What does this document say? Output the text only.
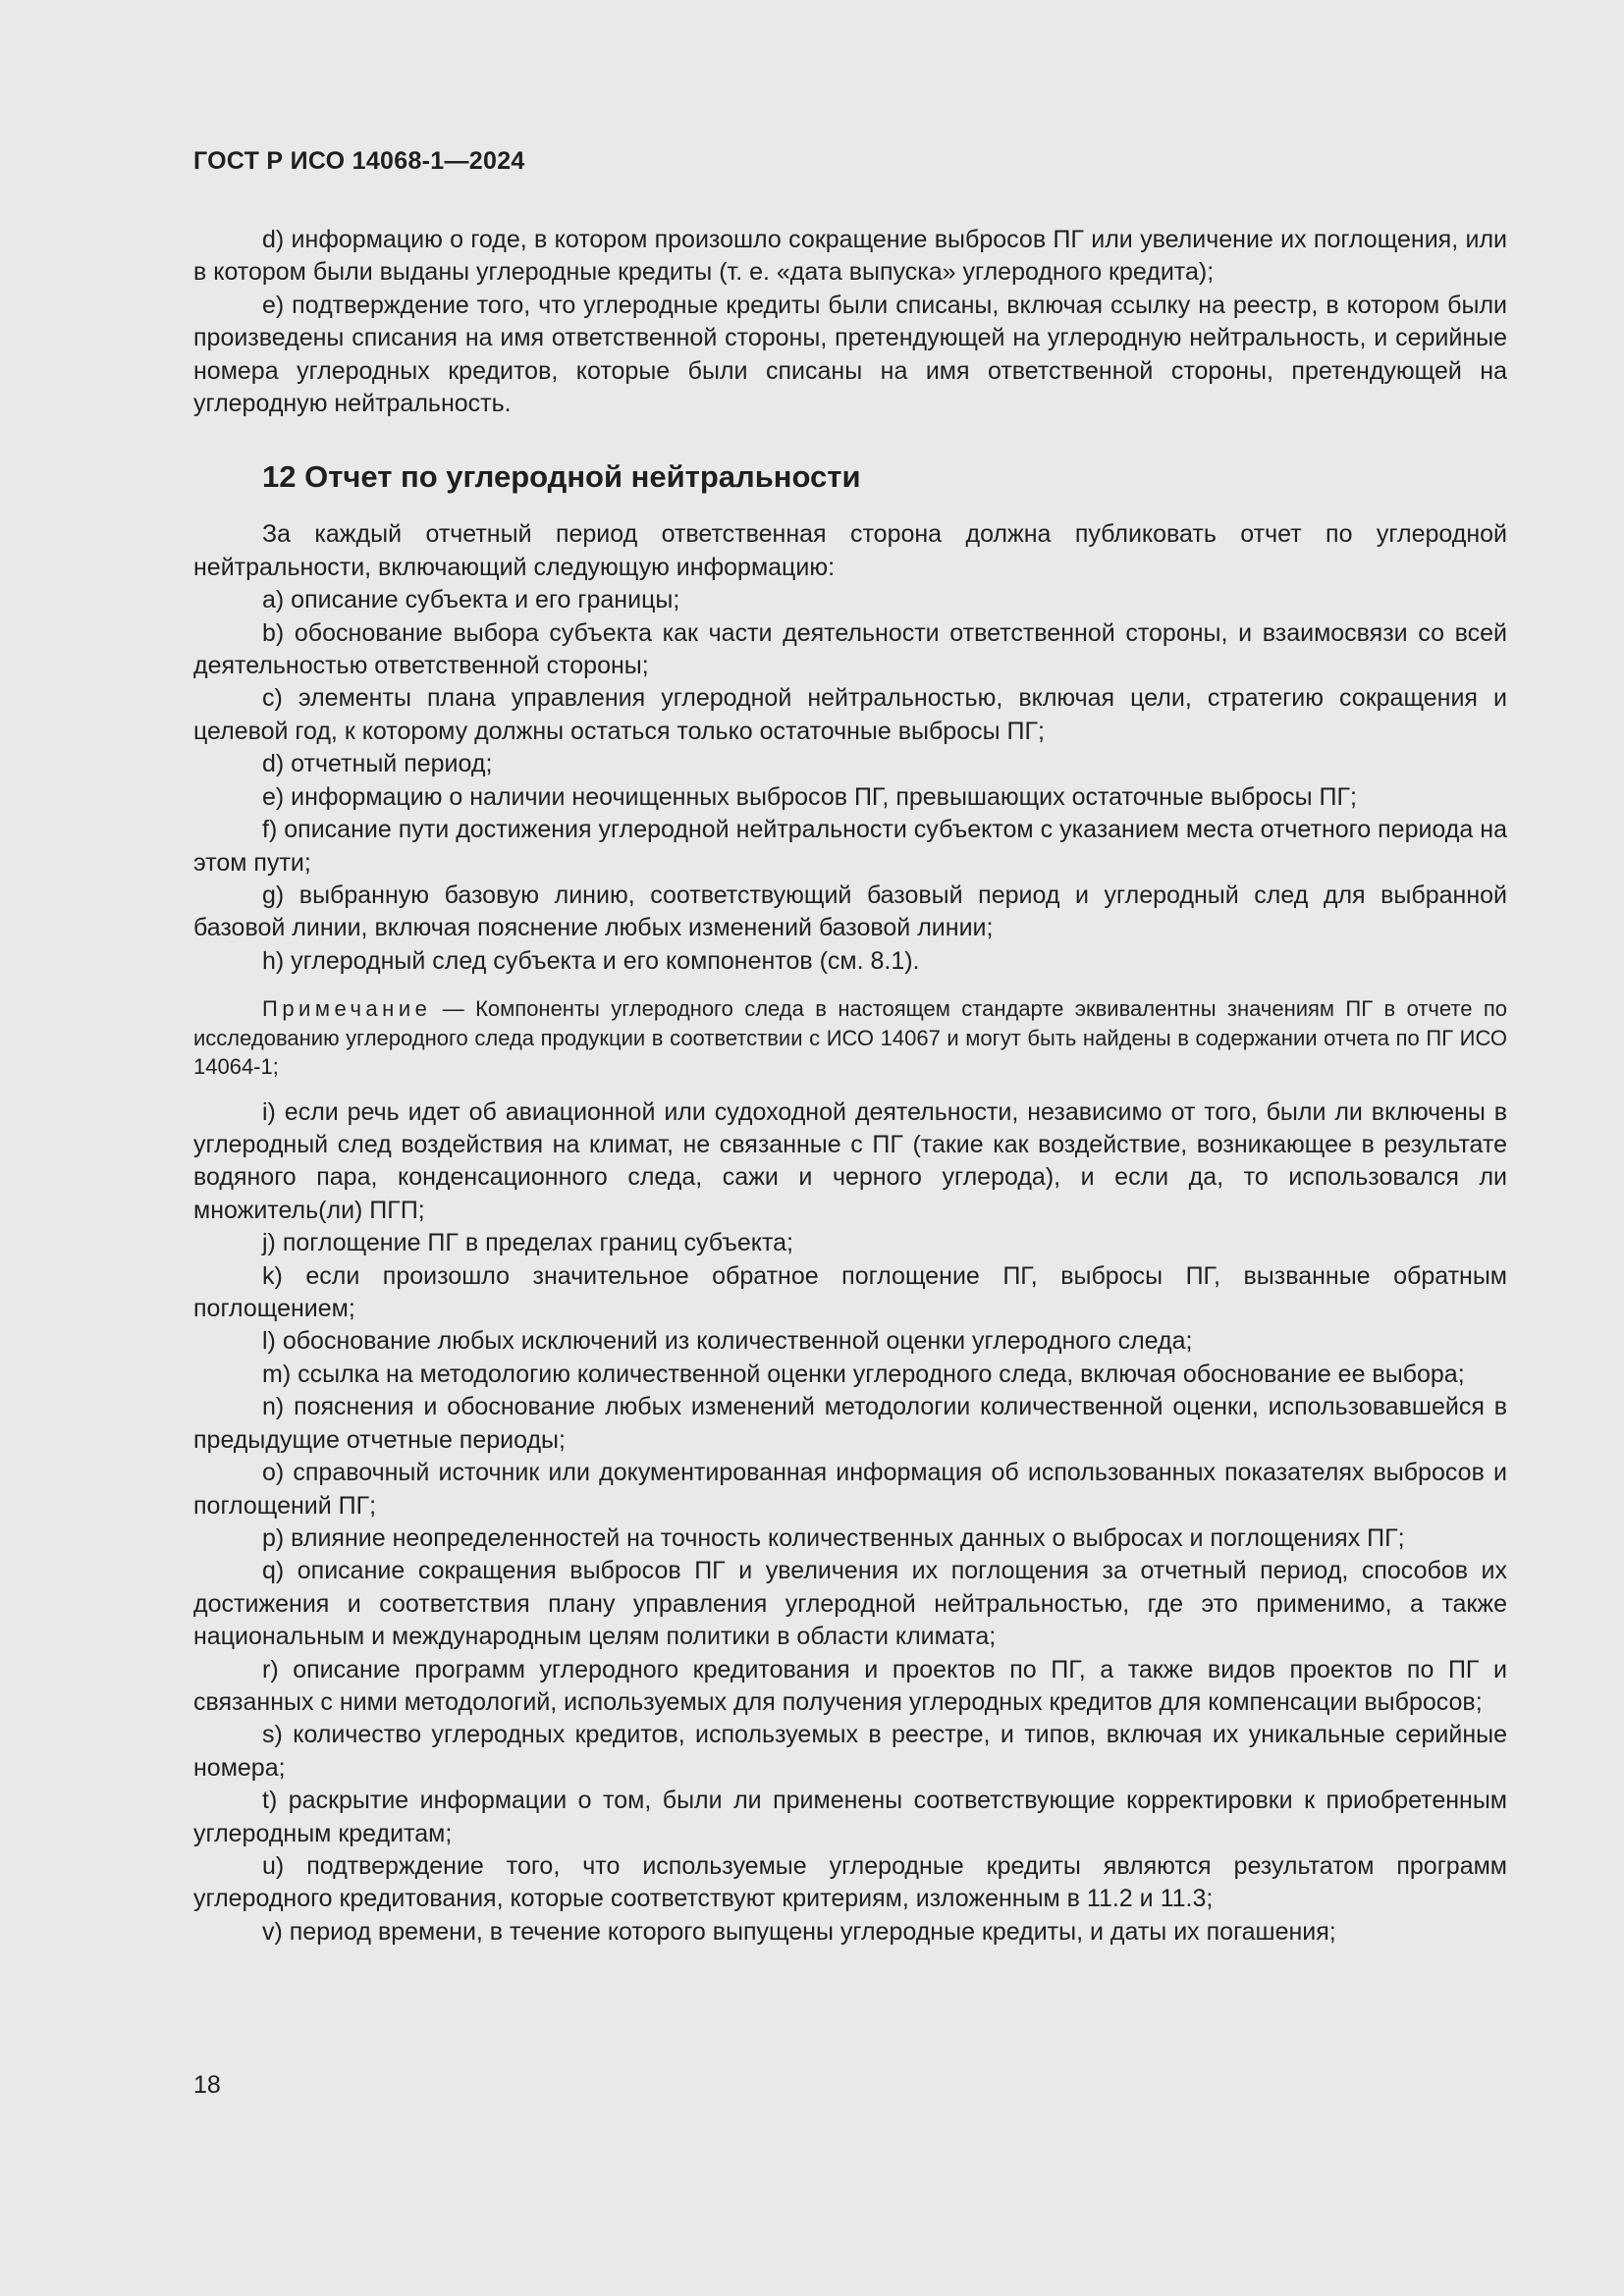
ГОСТ Р ИСО 14068-1—2024

d) информацию о годе, в котором произошло сокращение выбросов ПГ или увеличение их поглощения, или в котором были выданы углеродные кредиты (т. е. «дата выпуска» углеродного кредита);

e) подтверждение того, что углеродные кредиты были списаны, включая ссылку на реестр, в котором были произведены списания на имя ответственной стороны, претендующей на углеродную нейтральность, и серийные номера углеродных кредитов, которые были списаны на имя ответственной стороны, претендующей на углеродную нейтральность.

12 Отчет по углеродной нейтральности

За каждый отчетный период ответственная сторона должна публиковать отчет по углеродной нейтральности, включающий следующую информацию:

a) описание субъекта и его границы;

b) обоснование выбора субъекта как части деятельности ответственной стороны, и взаимосвязи со всей деятельностью ответственной стороны;

c) элементы плана управления углеродной нейтральностью, включая цели, стратегию сокращения и целевой год, к которому должны остаться только остаточные выбросы ПГ;

d) отчетный период;

e) информацию о наличии неочищенных выбросов ПГ, превышающих остаточные выбросы ПГ;

f) описание пути достижения углеродной нейтральности субъектом с указанием места отчетного периода на этом пути;

g) выбранную базовую линию, соответствующий базовый период и углеродный след для выбранной базовой линии, включая пояснение любых изменений базовой линии;

h) углеродный след субъекта и его компонентов (см. 8.1).

Примечание — Компоненты углеродного следа в настоящем стандарте эквивалентны значениям ПГ в отчете по исследованию углеродного следа продукции в соответствии с ИСО 14067 и могут быть найдены в содержании отчета по ПГ ИСО 14064-1;

i) если речь идет об авиационной или судоходной деятельности, независимо от того, были ли включены в углеродный след воздействия на климат, не связанные с ПГ (такие как воздействие, возникающее в результате водяного пара, конденсационного следа, сажи и черного углерода), и если да, то использовался ли множитель(ли) ПГП;

j) поглощение ПГ в пределах границ субъекта;

k) если произошло значительное обратное поглощение ПГ, выбросы ПГ, вызванные обратным поглощением;

l) обоснование любых исключений из количественной оценки углеродного следа;

m) ссылка на методологию количественной оценки углеродного следа, включая обоснование ее выбора;

n) пояснения и обоснование любых изменений методологии количественной оценки, использовавшейся в предыдущие отчетные периоды;

o) справочный источник или документированная информация об использованных показателях выбросов и поглощений ПГ;

p) влияние неопределенностей на точность количественных данных о выбросах и поглощениях ПГ;

q) описание сокращения выбросов ПГ и увеличения их поглощения за отчетный период, способов их достижения и соответствия плану управления углеродной нейтральностью, где это применимо, а также национальным и международным целям политики в области климата;

r) описание программ углеродного кредитования и проектов по ПГ, а также видов проектов по ПГ и связанных с ними методологий, используемых для получения углеродных кредитов для компенсации выбросов;

s) количество углеродных кредитов, используемых в реестре, и типов, включая их уникальные серийные номера;

t) раскрытие информации о том, были ли применены соответствующие корректировки к приобретенным углеродным кредитам;

u) подтверждение того, что используемые углеродные кредиты являются результатом программ углеродного кредитования, которые соответствуют критериям, изложенным в 11.2 и 11.3;

v) период времени, в течение которого выпущены углеродные кредиты, и даты их погашения;

18
